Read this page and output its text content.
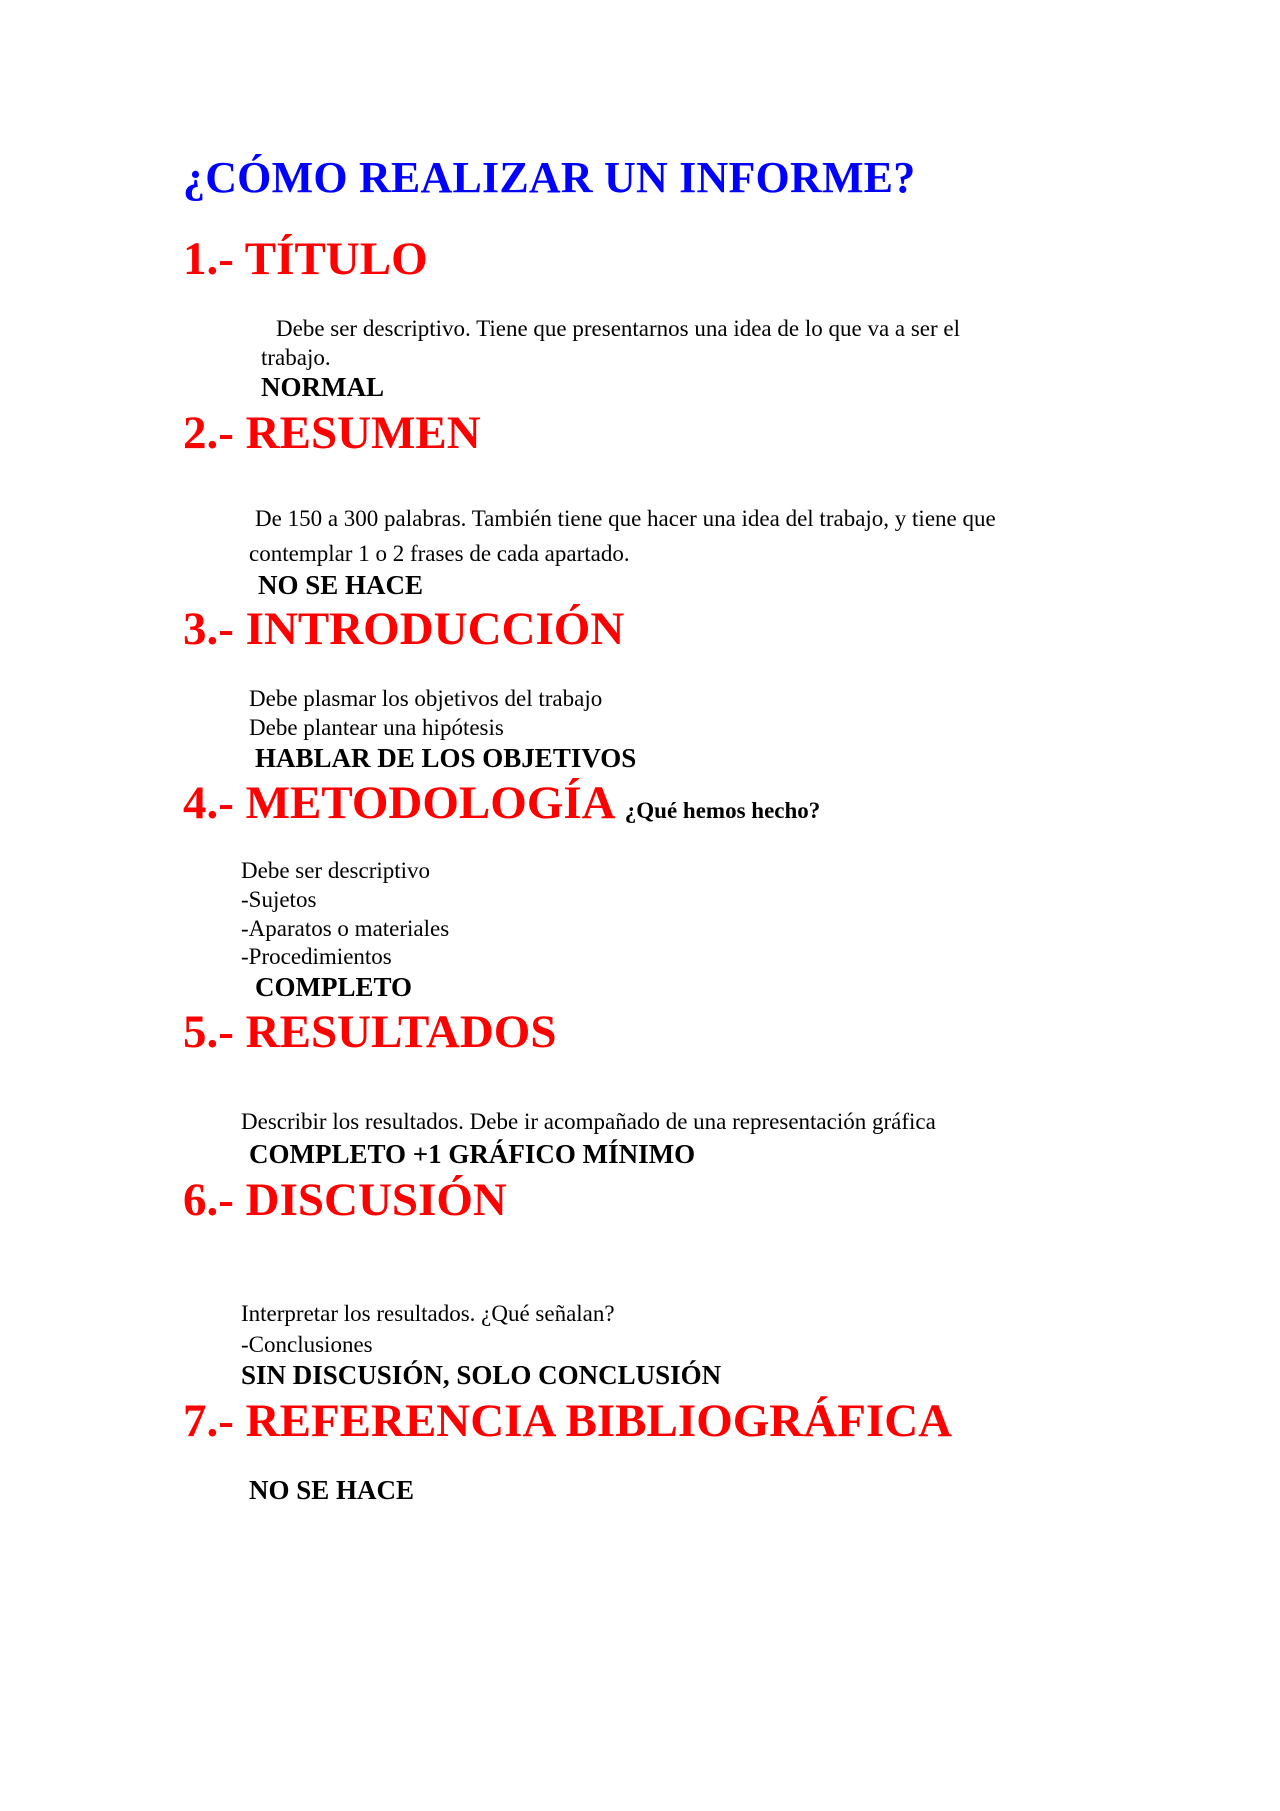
¿CÓMO REALIZAR UN INFORME?
1.- TÍTULO
Debe ser descriptivo. Tiene que presentarnos una idea de lo que va a ser el
trabajo.
NORMAL
2.- RESUMEN
De 150 a 300 palabras. También tiene que hacer una idea del trabajo, y tiene que
contemplar 1 o 2 frases de cada apartado.
NO SE HACE
3.- INTRODUCCIÓN
Debe plasmar los objetivos del trabajo
Debe plantear una hipótesis
HABLAR DE LOS OBJETIVOS
4.- METODOLOGÍA ¿Qué hemos hecho?
Debe ser descriptivo
-Sujetos
-Aparatos o materiales
-Procedimientos
COMPLETO
5.- RESULTADOS
Describir los resultados. Debe ir acompañado de una representación gráfica
COMPLETO +1 GRÁFICO MÍNIMO
6.- DISCUSIÓN
Interpretar los resultados. ¿Qué señalan?
-Conclusiones
SIN DISCUSIÓN, SOLO CONCLUSIÓN
7.- REFERENCIA BIBLIOGRÁFICA
NO SE HACE
